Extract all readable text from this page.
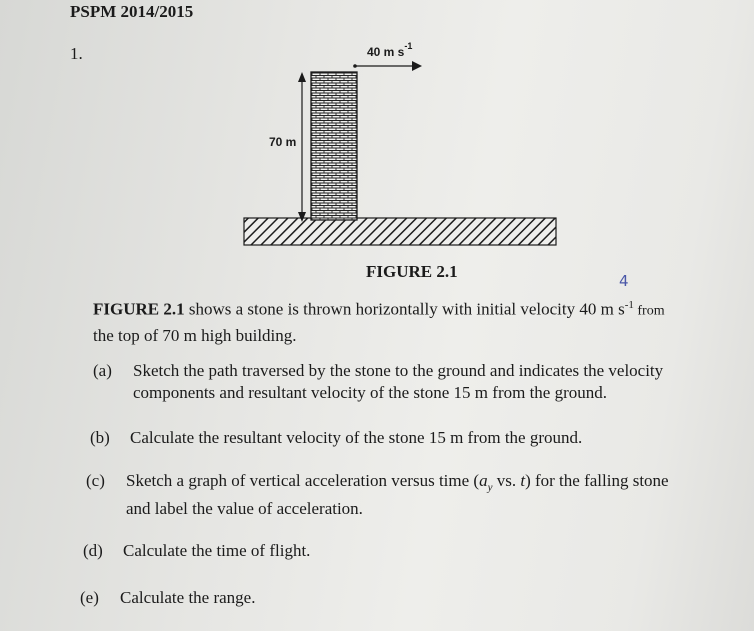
PSPM 2014/2015
1.	40 m $s^{-1}$
70 m
FIGURE 2.1	4
FIGURE 2.1 shows a stone is thrown horizontally with initial velocity 40 m $s^{-1}$ from
the top of 70 m high building.
(a) Sketch the path traversed by the stone to the ground and indicates the velocity
components and resultant velocity of the stone 15 m from the ground.
(b) Calculate the resultant velocity of the stone 15 m from the ground.
(c) Sketch a graph of vertical acceleration versus time ($a_y$ vs. t) for the falling stone
and label the value of acceleration.
(d) Calculate the time of flight.
(e) Calculate the range.
